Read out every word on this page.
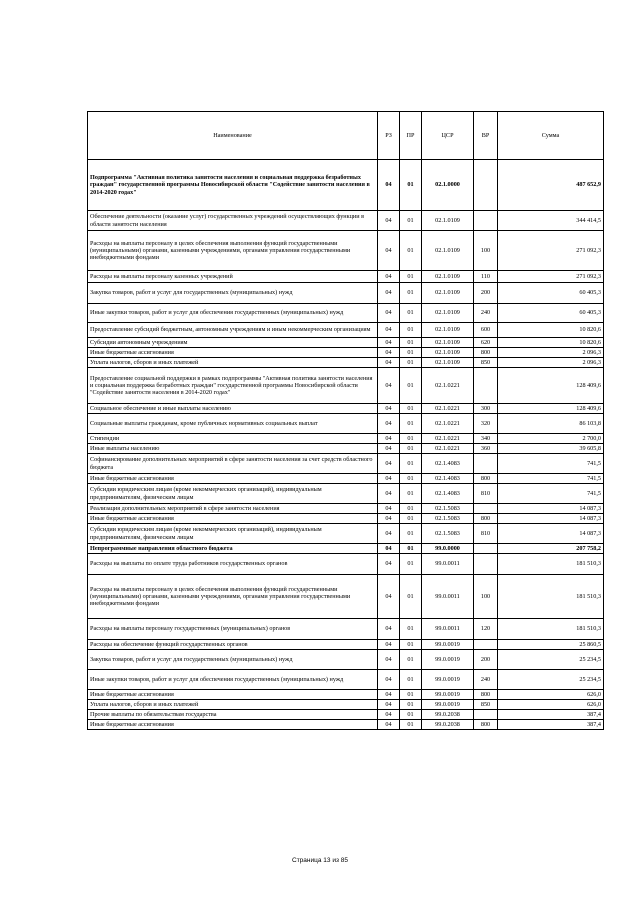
Наименование	РЗ	ПР	ЦСР	ВР	Сумма
Подпрограмма "Активная политика занятости населения и социальная поддержка безработных граждан" государственной программы Новосибирской области "Содействие занятости населения в 2014-2020 годах"	04	01	02.1.0000		487 652,9
Обеспечение деятельности (оказание услуг) государственных учреждений осуществляющих функции в области занятости населения	04	01	02.1.0109		344 414,5
Расходы на выплаты персоналу в целях обеспечения выполнения функций государственными (муниципальными) органами, казенными учреждениями, органами управления государственными внебюджетными фондами	04	01	02.1.0109	100	271 092,3
Расходы на выплаты персоналу казенных учреждений	04	01	02.1.0109	110	271 092,3
Закупка товаров, работ и услуг для государственных (муниципальных) нужд	04	01	02.1.0109	200	60 405,3
Иные закупки товаров, работ и услуг для обеспечения государственных (муниципальных) нужд	04	01	02.1.0109	240	60 405,3
Предоставление субсидий бюджетным, автономным учреждениям и иным некоммерческим организациям	04	01	02.1.0109	600	10 820,6
Субсидии автономным учреждениям	04	01	02.1.0109	620	10 820,6
Иные бюджетные ассигнования	04	01	02.1.0109	800	2 096,3
Уплата налогов, сборов и иных платежей	04	01	02.1.0109	850	2 096,3
Предоставление социальной поддержки в рамках подпрограммы "Активная политика занятости населения и социальная поддержка безработных граждан" государственной программы Новосибирской области "Содействие занятости населения в 2014-2020 годах"	04	01	02.1.0221		128 409,6
Социальное обеспечение и иные выплаты населению	04	01	02.1.0221	300	128 409,6
Социальные выплаты гражданам, кроме публичных нормативных социальных выплат	04	01	02.1.0221	320	86 103,8
Стипендии	04	01	02.1.0221	340	2 700,0
Иные выплаты населению	04	01	02.1.0221	360	39 605,8
Софинансирование дополнительных мероприятий в сфере занятости населения за счет средств областного бюджета	04	01	02.1.4083		741,5
Иные бюджетные ассигнования	04	01	02.1.4083	800	741,5
Субсидии юридическим лицам (кроме некоммерческих организаций), индивидуальным предпринимателям, физическим лицам	04	01	02.1.4083	810	741,5
Реализация дополнительных мероприятий в сфере занятости населения	04	01	02.1.5083		14 087,3
Иные бюджетные ассигнования	04	01	02.1.5083	800	14 087,3
Субсидии юридическим лицам (кроме некоммерческих организаций), индивидуальным предпринимателям, физическим лицам	04	01	02.1.5083	810	14 087,3
Непрограммные направления областного бюджета	04	01	99.0.0000		207 758,2
Расходы на выплаты по оплате труда работников государственных органов	04	01	99.0.0011		181 510,3
Расходы на выплаты персоналу в целях обеспечения выполнения функций государственными (муниципальными) органами, казенными учреждениями, органами управления государственными внебюджетными фондами	04	01	99.0.0011	100	181 510,3
Расходы на выплаты персоналу государственных (муниципальных) органов	04	01	99.0.0011	120	181 510,3
Расходы на обеспечение функций государственных органов	04	01	99.0.0019		25 860,5
Закупка товаров, работ и услуг для государственных (муниципальных) нужд	04	01	99.0.0019	200	25 234,5
Иные закупки товаров, работ и услуг для обеспечения государственных (муниципальных) нужд	04	01	99.0.0019	240	25 234,5
Иные бюджетные ассигнования	04	01	99.0.0019	800	626,0
Уплата налогов, сборов и иных платежей	04	01	99.0.0019	850	626,0
Прочие выплаты по обязательствам государства	04	01	99.0.2038		387,4
Иные бюджетные ассигнования	04	01	99.0.2038	800	387,4
Страница 13 из 85
